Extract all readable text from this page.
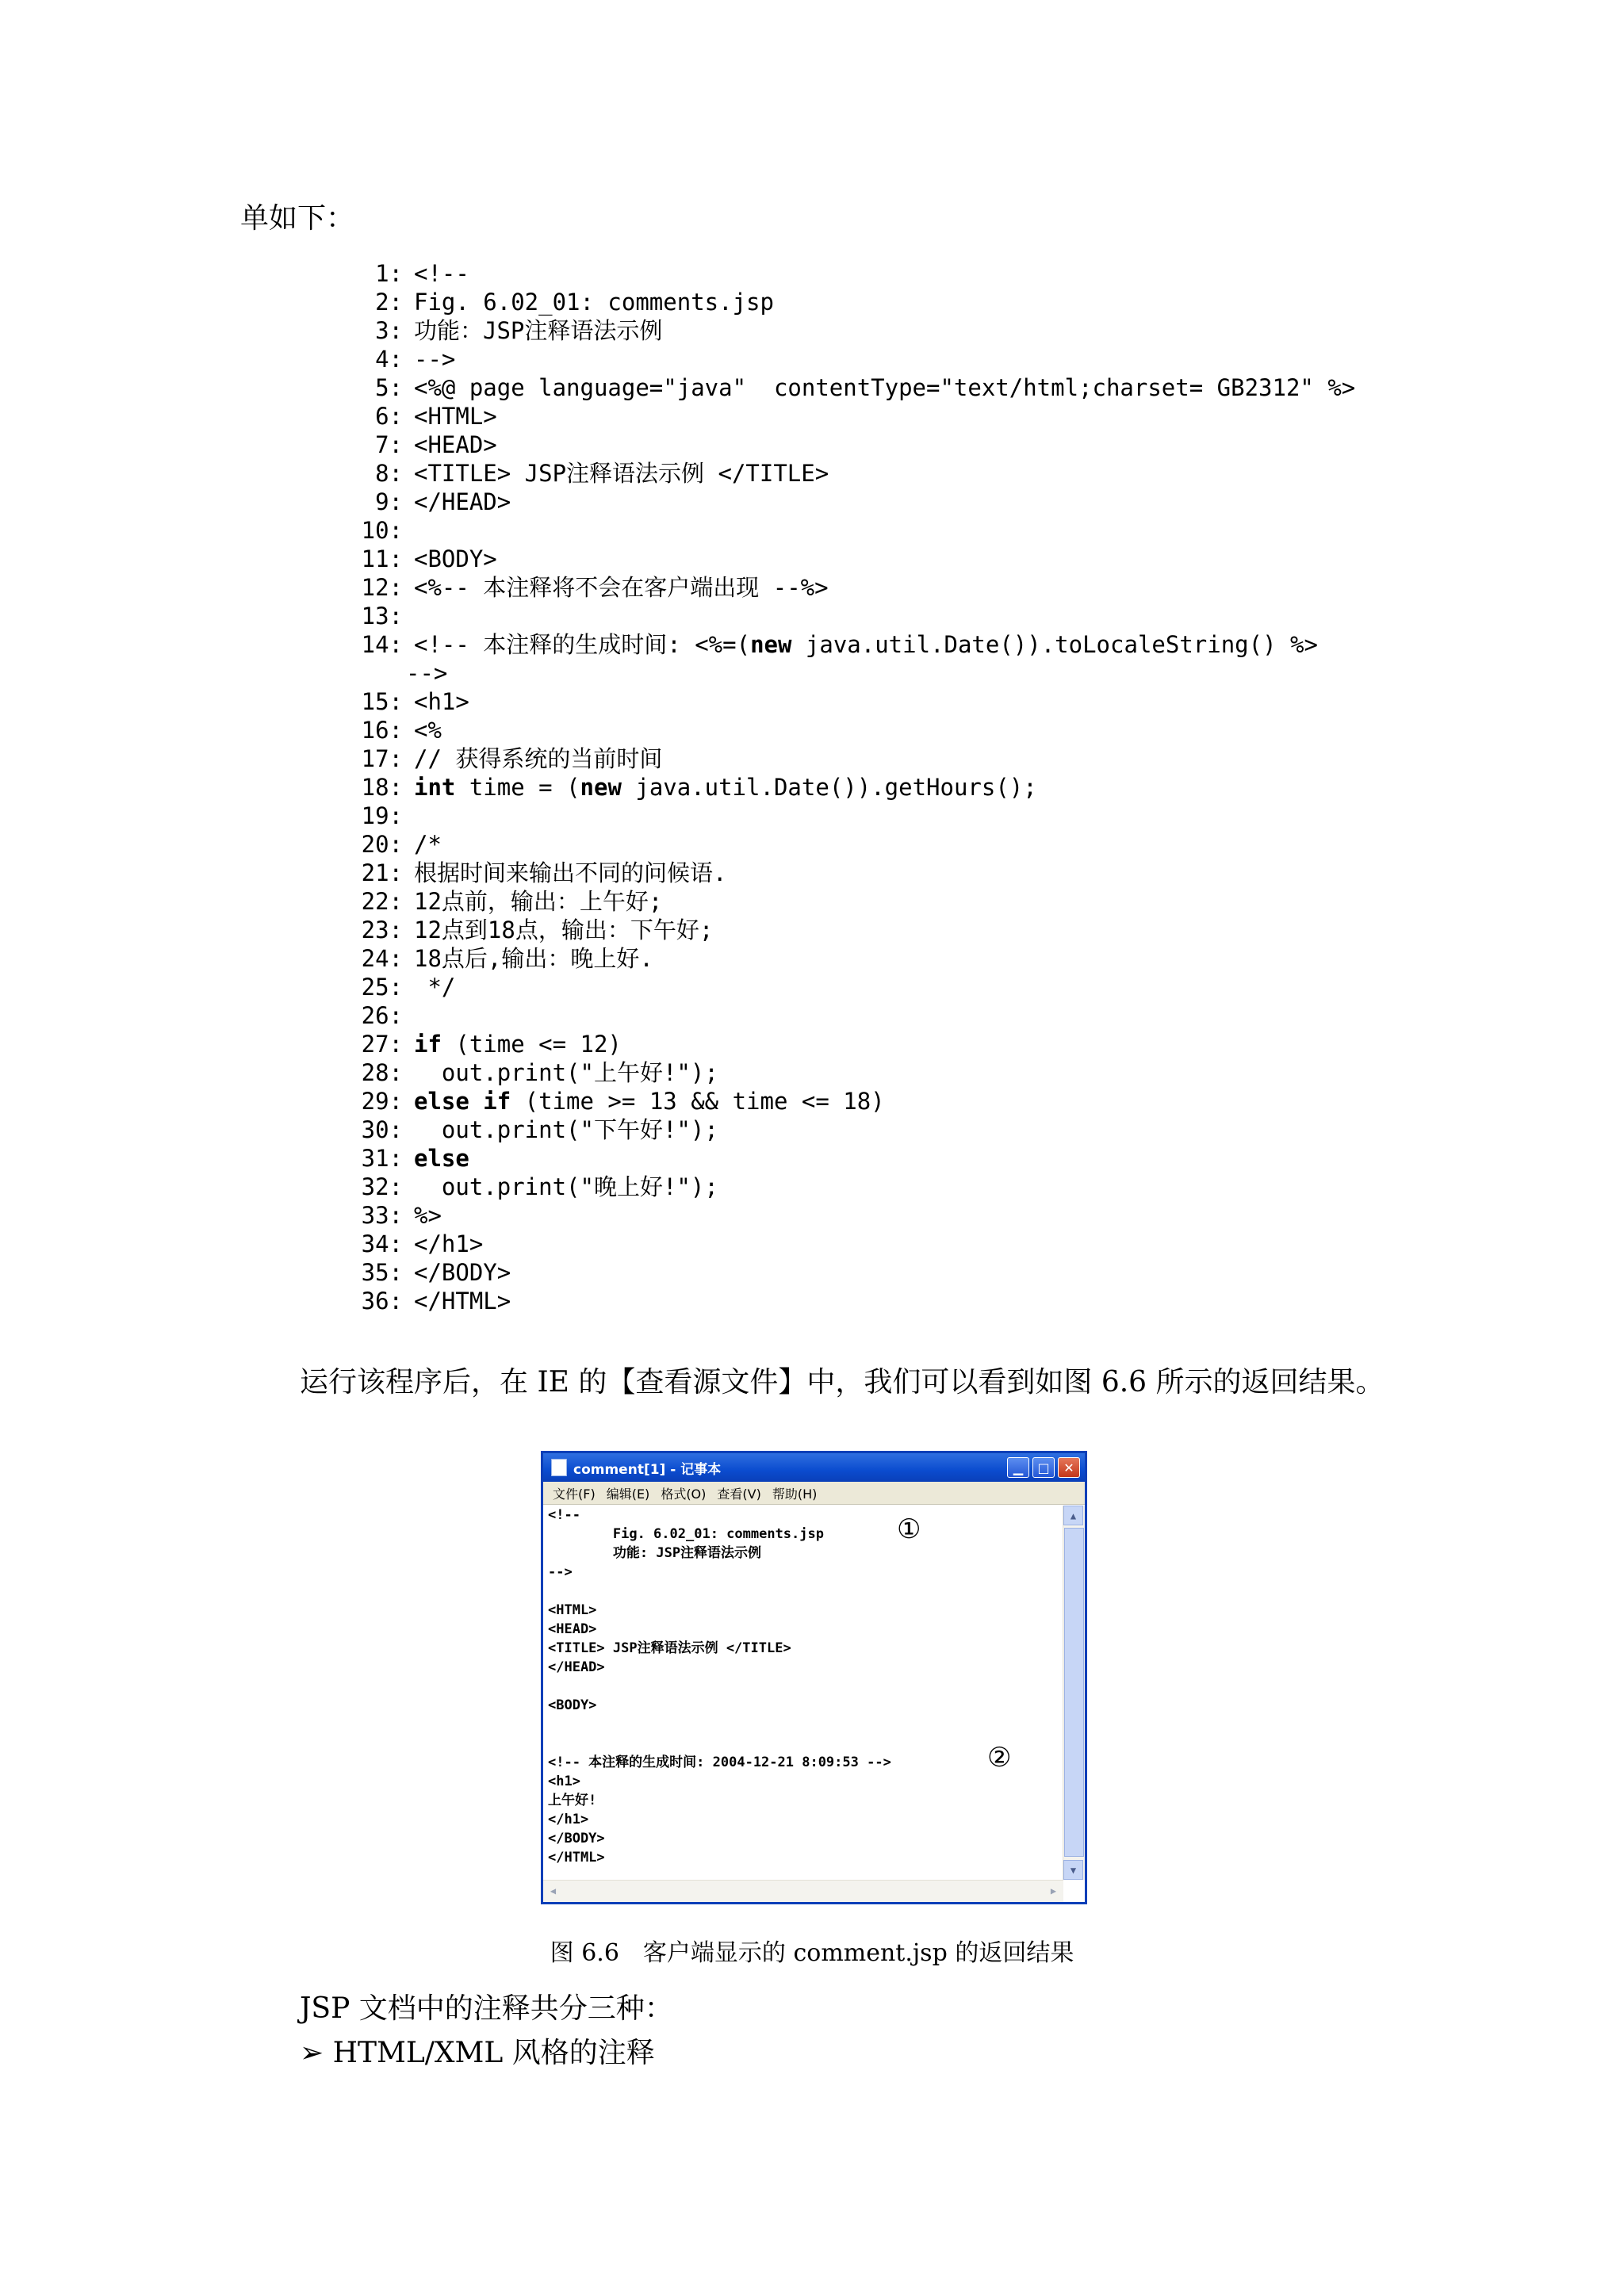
单如下：
1: <!--
2: Fig. 6.02_01: comments.jsp
3: 功能：JSP注释语法示例
4: -->
5: <%@ page language="java"  contentType="text/html;charset= GB2312" %>
6: <HTML>
7: <HEAD>
8: <TITLE> JSP注释语法示例 </TITLE>
9: </HEAD>
10:
11: <BODY>
12: <%-- 本注释将不会在客户端出现 --%>
13:
14: <!-- 本注释的生成时间: <%=(new java.util.Date()).toLocaleString() %>
-->
15: <h1>
16: <%
17: // 获得系统的当前时间
18: int time = (new java.util.Date()).getHours();
19:
20: /*
21: 根据时间来输出不同的问候语.
22: 12点前，输出：上午好;
23: 12点到18点，输出：下午好;
24: 18点后,输出：晚上好.
25: */
26:
27: if (time <= 12)
28: out.print("上午好!");
29: else if (time >= 13 && time <= 18)
30: out.print("下午好!");
31: else
32: out.print("晚上好!");
33: %>
34: </h1>
35: </BODY>
36: </HTML>
运行该程序后，在 IE 的【查看源文件】中，我们可以看到如图 6.6 所示的返回结果。
comment[1] - 记事本	▁	□	✕
文件(F) 编辑(E) 格式(O) 查看(V) 帮助(H)
<!--
Fig. 6.02_01: comments.jsp	①
功能: JSP注释语法示例
-->
<HTML>
<HEAD>
<TITLE> JSP注释语法示例 </TITLE>
</HEAD>
<BODY>
<!-- 本注释的生成时间: 2004-12-21 8:09:53 -->	②
<h1>
上午好!
</h1>
</BODY>
</HTML>
▲
▼
◀	▶
图 6.6　客户端显示的 comment.jsp 的返回结果
JSP 文档中的注释共分三种：
➢ HTML/XML 风格的注释
